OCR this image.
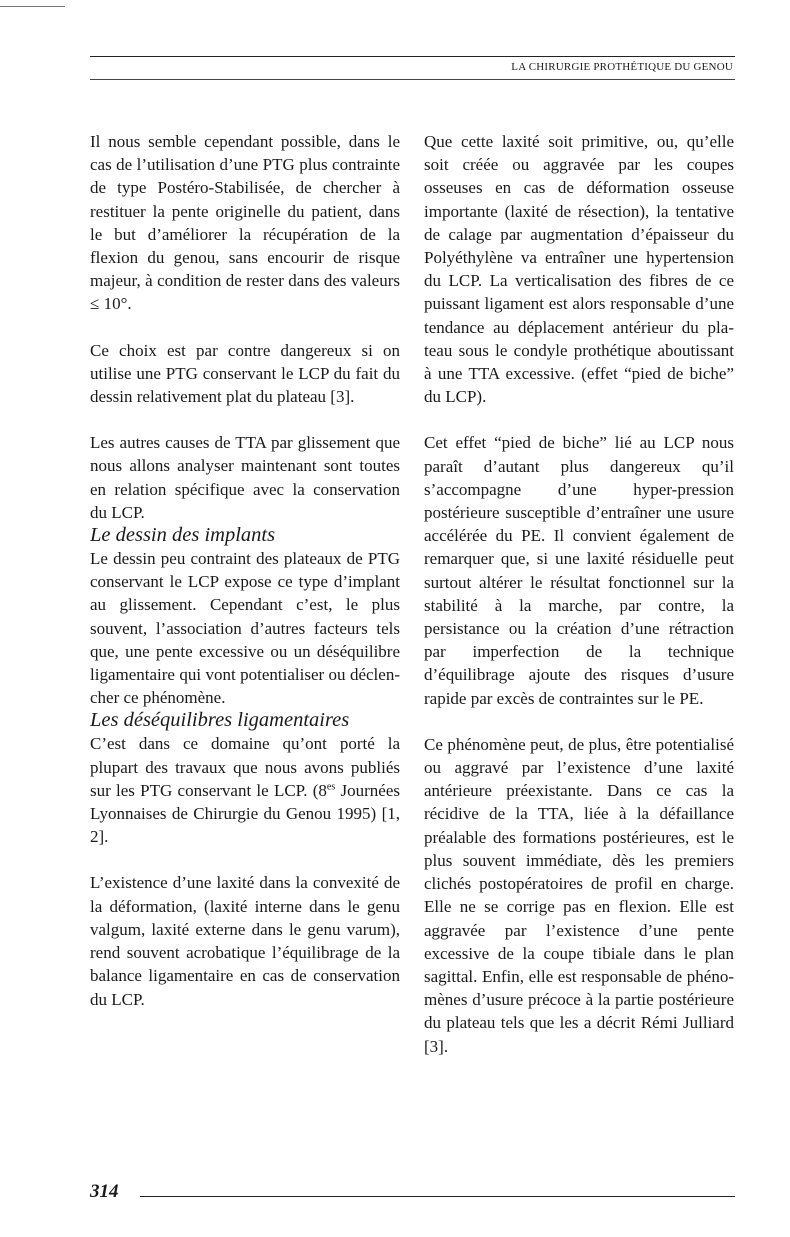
LA CHIRURGIE PROTHÉTIQUE DU GENOU

Il nous semble cependant possible, dans le cas de l’utilisation d’une PTG plus contrainte de type Postéro-Stabilisée, de chercher à restituer la pente originelle du patient, dans le but d’améliorer la récupération de la flexion du genou, sans encourir de risque majeur, à condition de rester dans des valeurs ≤ 10°.

Ce choix est par contre dangereux si on utilise une PTG conservant le LCP du fait du dessin relativement plat du plateau [3].

Les autres causes de TTA par glissement que nous allons analyser maintenant sont toutes en relation spécifique avec la conservation du LCP.

Le dessin des implants

Le dessin peu contraint des plateaux de PTG conservant le LCP expose ce type d’implant au glissement. Cependant c’est, le plus souvent, l’association d’autres facteurs tels que, une pente excessive ou un déséquilibre ligamentaire qui vont potentialiser ou déclencher ce phénomène.

Les déséquilibres ligamentaires

C’est dans ce domaine qu’ont porté la plupart des travaux que nous avons publiés sur les PTG conservant le LCP. ($8^{es}$ Journées Lyonnaises de Chirurgie du Genou 1995) [1, 2].

L’existence d’une laxité dans la convexité de la déformation, (laxité interne dans le genu valgum, laxité externe dans le genu varum), rend souvent acrobatique l’équilibrage de la balance ligamentaire en cas de conservation du LCP.

Que cette laxité soit primitive, ou, qu’elle soit créée ou aggravée par les coupes osseuses en cas de déformation osseuse importante (laxité de résection), la tentative de calage par augmentation d’épaisseur du Polyéthylène va entraîner une hypertension du LCP. La verticalisation des fibres de ce puissant ligament est alors responsable d’une tendance au déplacement antérieur du plateau sous le condyle prothétique aboutissant à une TTA excessive. (effet “pied de biche” du LCP).

Cet effet “pied de biche” lié au LCP nous paraît d’autant plus dangereux qu’il s’accompagne d’une hyper-pression postérieure susceptible d’entraîner une usure accélérée du PE. Il convient également de remarquer que, si une laxité résiduelle peut surtout altérer le résultat fonctionnel sur la stabilité à la marche, par contre, la persistance ou la création d’une rétraction par imperfection de la technique d’équilibrage ajoute des risques d’usure rapide par excès de contraintes sur le PE.

Ce phénomène peut, de plus, être potentialisé ou aggravé par l’existence d’une laxité antérieure préexistante. Dans ce cas la récidive de la TTA, liée à la défaillance préalable des formations postérieures, est le plus souvent immédiate, dès les premiers clichés postopératoires de profil en charge. Elle ne se corrige pas en flexion. Elle est aggravée par l’existence d’une pente excessive de la coupe tibiale dans le plan sagittal. Enfin, elle est responsable de phénomènes d’usure précoce à la partie postérieure du plateau tels que les a décrit Rémi Julliard [3].

314
